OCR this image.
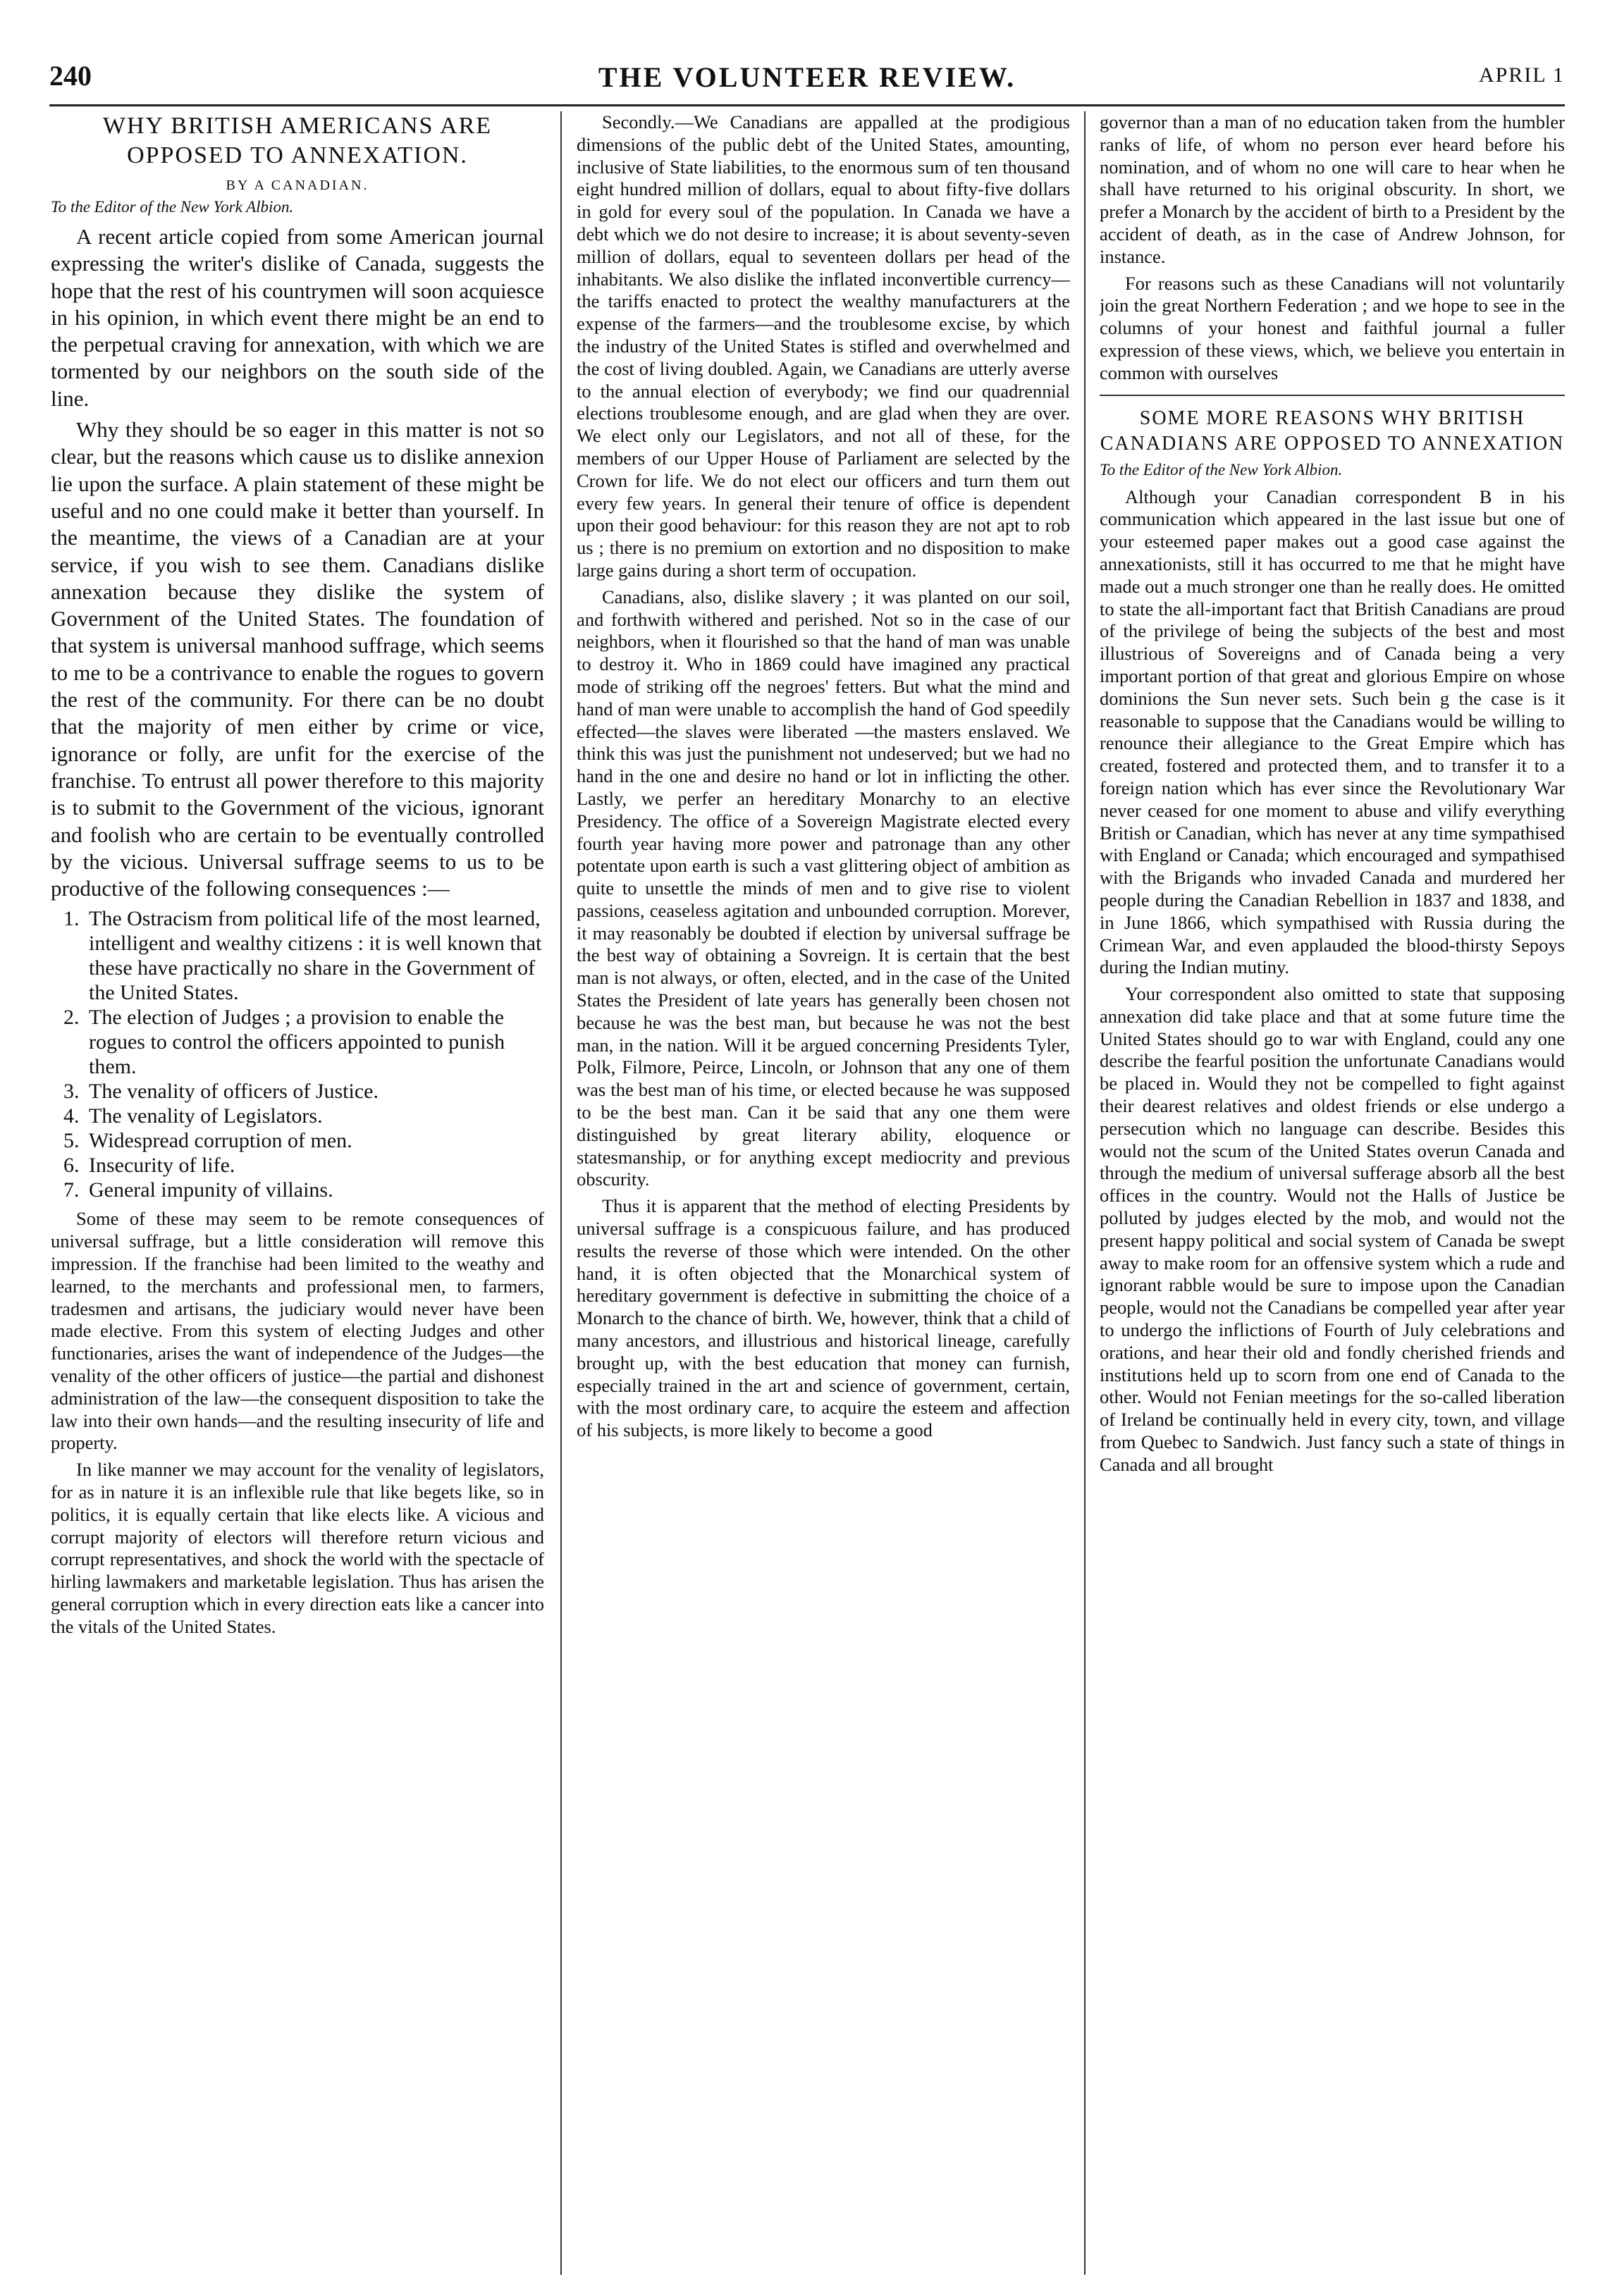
240	THE VOLUNTEER REVIEW.	APRIL 1
WHY BRITISH AMERICANS ARE OPPOSED TO ANNEXATION.
BY A CANADIAN.
To the Editor of the New York Albion.

A recent article copied from some American journal expressing the writer's dislike of Canada, suggests the hope that the rest of his countrymen will soon acquiesce in his opinion, in which event there might be an end to the perpetual craving for annexation, with which we are tormented by our neighbors on the south side of the line.

Why they should be so eager in this matter is not so clear, but the reasons which cause us to dislike annexion lie upon the surface. A plain statement of these might be useful and no one could make it better than yourself. In the meantime, the views of a Canadian are at your service, if you wish to see them. Canadians dislike annexation because they dislike the system of Government of the United States. The foundation of that system is universal manhood suffrage, which seems to me to be a contrivance to enable the rogues to govern the rest of the community. For there can be no doubt that the majority of men either by crime or vice, ignorance or folly, are unfit for the exercise of the franchise. To entrust all power therefore to this majority is to submit to the Government of the vicious, ignorant and foolish who are certain to be eventually controlled by the vicious. Universal suffrage seems to us to be productive of the following consequences :—

1. The Ostracism from political life of the most learned, intelligent and wealthy citizens : it is well known that these have practically no share in the Government of the United States.
2. The election of Judges ; a provision to enable the rogues to control the officers appointed to punish them.
3. The venality of officers of Justice.
4. The venality of Legislators.
5. Widespread corruption of men.
6. Insecurity of life.
7. General impunity of villains.

Some of these may seem to be remote consequences of universal suffrage, but a little consideration will remove this impression. If the franchise had been limited to the weathy and learned, to the merchants and professional men, to farmers, tradesmen and artisans, the judiciary would never have been made elective. From this system of electing Judges and other functionaries, arises the want of independence of the Judges—the venality of the other officers of justice—the partial and dishonest administration of the law—the consequent disposition to take the law into their own hands—and the resulting insecurity of life and property.

In like manner we may account for the venality of legislators, for as in nature it is an inflexible rule that like begets like, so in politics, it is equally certain that like elects like. A vicious and corrupt majority of electors will therefore return vicious and corrupt representatives, and shock the world with the spectacle of hirling lawmakers and marketable legislation. Thus has arisen the general corruption which in every direction eats like a cancer into the vitals of the United States.

Secondly.—We Canadians are appalled at the prodigious dimensions of the public debt of the United States, amounting, inclusive of State liabilities, to the enormous sum of ten thousand eight hundred million of dollars, equal to about fifty-five dollars in gold for every soul of the population. In Canada we have a debt which we do not desire to increase; it is about seventy-seven million of dollars, equal to seventeen dollars per head of the inhabitants. We also dislike the inflated inconvertible currency—the tariffs enacted to protect the wealthy manufacturers at the expense of the farmers—and the troublesome excise, by which the industry of the United States is stifled and overwhelmed and the cost of living doubled. Again, we Canadians are utterly averse to the annual election of everybody; we find our quadrennial elections troublesome enough, and are glad when they are over. We elect only our Legislators, and not all of these, for the members of our Upper House of Parliament are selected by the Crown for life. We do not elect our officers and turn them out every few years. In general their tenure of office is dependent upon their good behaviour: for this reason they are not apt to rob us ; there is no premium on extortion and no disposition to make large gains during a short term of occupation.

Canadians, also, dislike slavery ; it was planted on our soil, and forthwith withered and perished. Not so in the case of our neighbors, when it flourished so that the hand of man was unable to destroy it. Who in 1869 could have imagined any practical mode of striking off the negroes' fetters. But what the mind and hand of man were unable to accomplish the hand of God speedily effected—the slaves were liberated —the masters enslaved. We think this was just the punishment not undeserved; but we had no hand in the one and desire no hand or lot in inflicting the other. Lastly, we perfer an hereditary Monarchy to an elective Presidency. The office of a Sovereign Magistrate elected every fourth year having more power and patronage than any other potentate upon earth is such a vast glittering object of ambition as quite to unsettle the minds of men and to give rise to violent passions, ceaseless agitation and unbounded corruption. Morever, it may reasonably be doubted if election by universal suffrage be the best way of obtaining a Sovreign. It is certain that the best man is not always, or often, elected, and in the case of the United States the President of late years has generally been chosen not because he was the best man, but because he was not the best man, in the nation. Will it be argued concerning Presidents Tyler, Polk, Filmore, Peirce, Lincoln, or Johnson that any one of them was the best man of his time, or elected because he was supposed to be the best man. Can it be said that any one them were distinguished by great literary ability, eloquence or statesmanship, or for anything except mediocrity and previous obscurity.

Thus it is apparent that the method of electing Presidents by universal suffrage is a conspicuous failure, and has produced results the reverse of those which were intended. On the other hand, it is often objected that the Monarchical system of hereditary government is defective in submitting the choice of a Monarch to the chance of birth. We, however, think that a child of many ancestors, and illustrious and historical lineage, carefully brought up, with the best education that money can furnish, especially trained in the art and science of government, certain, with the most ordinary care, to acquire the esteem and affection of his subjects, is more likely to become a good

governor than a man of no education taken from the humbler ranks of life, of whom no person ever heard before his nomination, and of whom no one will care to hear when he shall have returned to his original obscurity. In short, we prefer a Monarch by the accident of birth to a President by the accident of death, as in the case of Andrew Johnson, for instance.

For reasons such as these Canadians will not voluntarily join the great Northern Federation ; and we hope to see in the columns of your honest and faithful journal a fuller expression of these views, which, we believe you entertain in common with ourselves

SOME MORE REASONS WHY BRITISH CANADIANS ARE OPPOSED TO ANNEXATION
To the Editor of the New York Albion.

Although your Canadian correspondent B in his communication which appeared in the last issue but one of your esteemed paper makes out a good case against the annexationists, still it has occurred to me that he might have made out a much stronger one than he really does. He omitted to state the all-important fact that British Canadians are proud of the privilege of being the subjects of the best and most illustrious of Sovereigns and of Canada being a very important portion of that great and glorious Empire on whose dominions the Sun never sets. Such bein g the case is it reasonable to suppose that the Canadians would be willing to renounce their allegiance to the Great Empire which has created, fostered and protected them, and to transfer it to a foreign nation which has ever since the Revolutionary War never ceased for one moment to abuse and vilify everything British or Canadian, which has never at any time sympathised with England or Canada; which encouraged and sympathised with the Brigands who invaded Canada and murdered her people during the Canadian Rebellion in 1837 and 1838, and in June 1866, which sympathised with Russia during the Crimean War, and even applauded the blood-thirsty Sepoys during the Indian mutiny.

Your correspondent also omitted to state that supposing annexation did take place and that at some future time the United States should go to war with England, could any one describe the fearful position the unfortunate Canadians would be placed in. Would they not be compelled to fight against their dearest relatives and oldest friends or else undergo a persecution which no language can describe. Besides this would not the scum of the United States overun Canada and through the medium of universal sufferage absorb all the best offices in the country. Would not the Halls of Justice be polluted by judges elected by the mob, and would not the present happy political and social system of Canada be swept away to make room for an offensive system which a rude and ignorant rabble would be sure to impose upon the Canadian people, would not the Canadians be compelled year after year to undergo the inflictions of Fourth of July celebrations and orations, and hear their old and fondly cherished friends and institutions held up to scorn from one end of Canada to the other. Would not Fenian meetings for the so-called liberation of Ireland be continually held in every city, town, and village from Quebec to Sandwich. Just fancy such a state of things in Canada and all brought
